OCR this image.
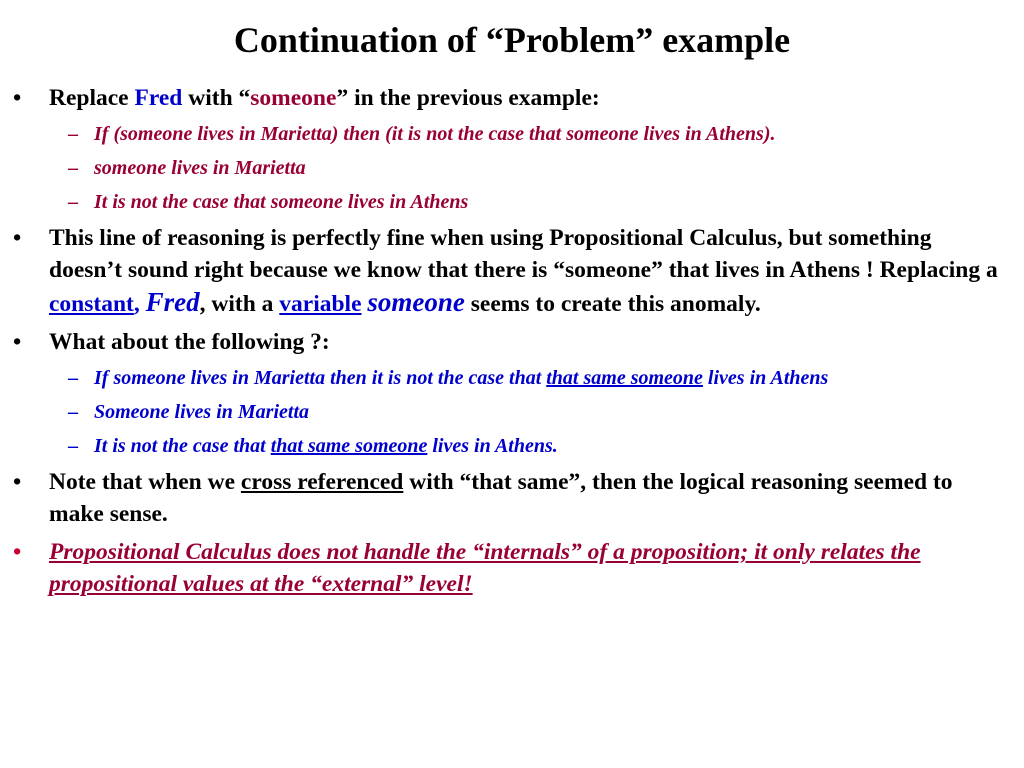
Continuation of “Problem” example

• Replace Fred with “someone” in the previous example:

– If (someone lives in Marietta) then (it is not the case that someone lives in Athens).

– someone lives in Marietta

– It is not the case that someone lives in Athens

• This line of reasoning is perfectly fine when using Propositional Calculus, but something doesn’t sound right because we know that there is “someone” that lives in Athens ! Replacing a constant, Fred, with a variable someone seems to create this anomaly.

• What about the following ?:

– If someone lives in Marietta then it is not the case that that same someone lives in Athens

– Someone lives in Marietta

– It is not the case that that same someone lives in Athens.

• Note that when we cross referenced with “that same”, then the logical reasoning seemed to make sense.

• Propositional Calculus does not handle the “internals” of a proposition; it only relates the propositional values at the “external” level!
